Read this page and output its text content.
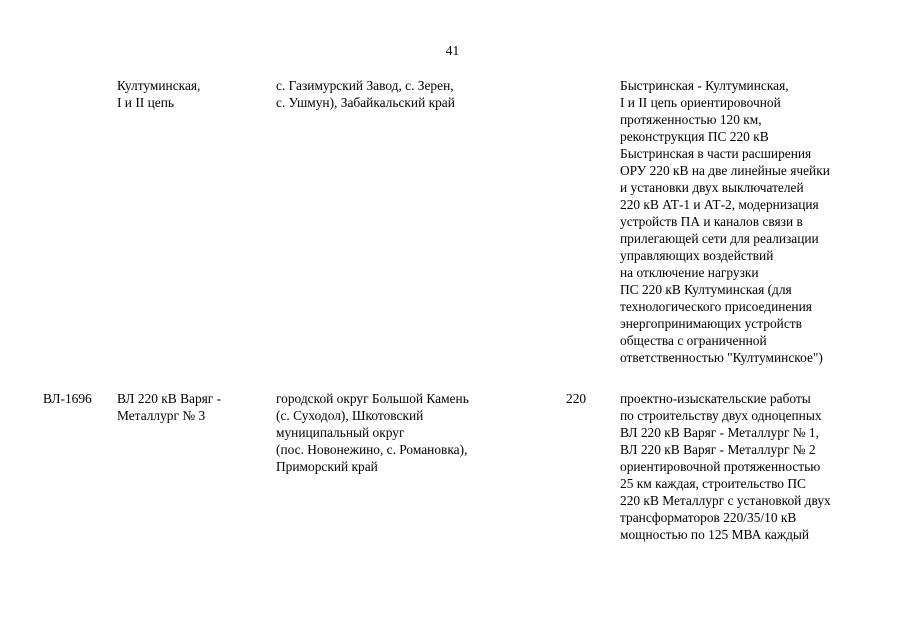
41
Култуминская,
I и II цепь
с. Газимурский Завод, с. Зерен,
с. Ушмун), Забайкальский край
Быстринская - Култуминская,
I и II цепь ориентировочной
протяженностью 120 км,
реконструкция ПС 220 кВ
Быстринская в части расширения
ОРУ 220 кВ на две линейные ячейки
и установки двух выключателей
220 кВ АТ-1 и АТ-2, модернизация
устройств ПА и каналов связи в
прилегающей сети для реализации
управляющих воздействий
на отключение нагрузки
ПС 220 кВ Култуминская (для
технологического присоединения
энергопринимающих устройств
общества с ограниченной
ответственностью "Култуминское")
ВЛ-1696 ВЛ 220 кВ Варяг -
Металлург № 3
городской округ Большой Камень
(с. Суходол), Шкотовский
муниципальный округ
(пос. Новонежино, с. Романовка),
Приморский край
220	проектно-изыскательские работы
по строительству двух одноцепных
ВЛ 220 кВ Варяг - Металлург № 1,
ВЛ 220 кВ Варяг - Металлург № 2
ориентировочной протяженностью
25 км каждая, строительство ПС
220 кВ Металлург с установкой двух
трансформаторов 220/35/10 кВ
мощностью по 125 МВА каждый
